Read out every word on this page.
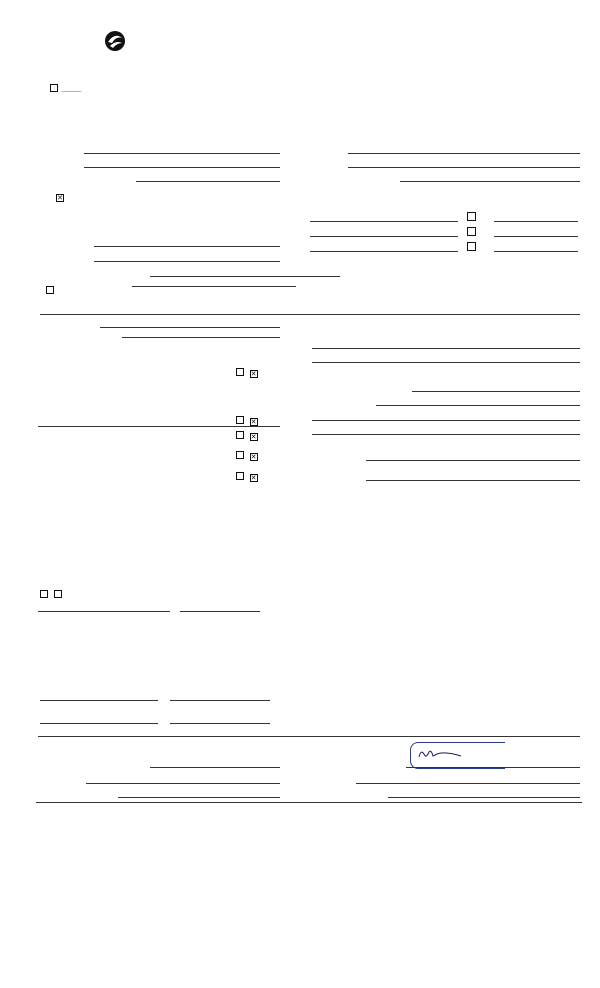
______
✕
✕
✕
✕
✕
✕
